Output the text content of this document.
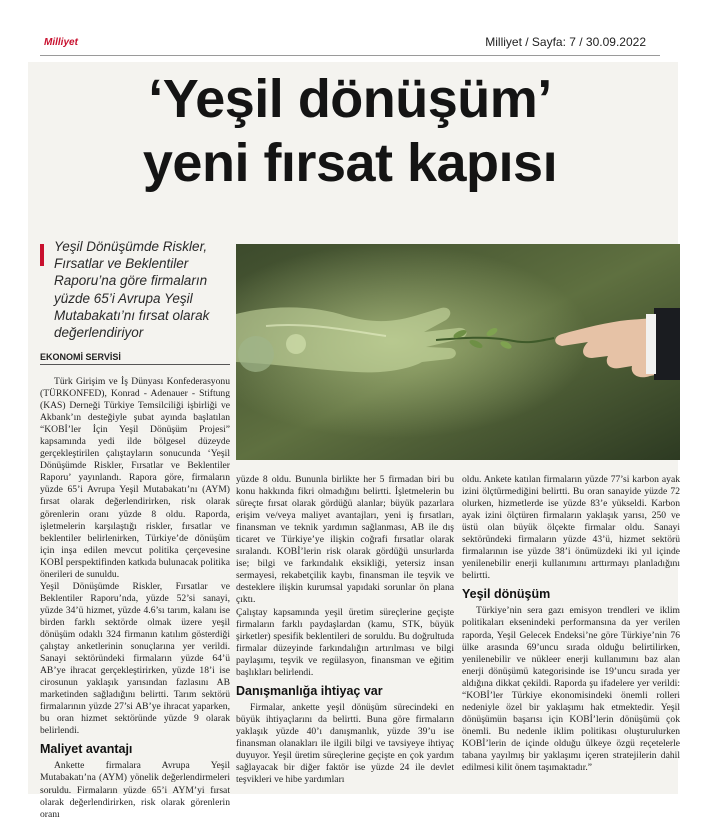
Milliyet	Milliyet / Sayfa: 7 / 30.09.2022
‘Yeşil dönüşüm’
yeni fırsat kapısı
Yeşil Dönüşümde Riskler, Fırsatlar ve Beklentiler Raporu’na göre firmaların yüzde 65’i Avrupa Yeşil Mutabakatı’nı fırsat olarak değerlendiriyor
EKONOMİ SERVİSİ

Türk Girişim ve İş Dünyası Konfederasyonu (TÜRKONFED), Konrad - Adenauer - Stiftung (KAS) Derneği Türkiye Temsilciliği işbirliği ve Akbank’ın desteğiyle şubat ayında başlatılan “KOBİ’ler İçin Yeşil Dönüşüm Projesi” kapsamında yedi ilde bölgesel düzeyde gerçekleştirilen çalıştayların sonucunda ‘Yeşil Dönüşümde Riskler, Fırsatlar ve Beklentiler Raporu’ yayınlandı. Rapora göre, firmaların yüzde 65’i Avrupa Yeşil Mutabakatı’nı (AYM) fırsat olarak değerlendirirken, risk olarak görenlerin oranı yüzde 8 oldu. Raporda, işletmelerin karşılaştığı riskler, fırsatlar ve beklentiler belirlenirken, Türkiye’de dönüşüm için inşa edilen mevcut politika çerçevesine KOBİ perspektifinden katkıda bulunacak politika önerileri de sunuldu.

Yeşil Dönüşümde Riskler, Fırsatlar ve Beklentiler Raporu’nda, yüzde 52’si sanayi, yüzde 34’ü hizmet, yüzde 4.6’sı tarım, kalanı ise birden farklı sektörde olmak üzere yeşil dönüşüm odaklı 324 firmanın katılım gösterdiği çalıştay anketlerinin sonuçlarına yer verildi. Sanayi sektöründeki firmaların yüzde 64’ü AB’ye ihracat gerçekleştirirken, yüzde 18’i ise cirosunun yaklaşık yarısından fazlasını AB marketinden sağladığını belirtti. Tarım sektörü firmalarının yüzde 27’si AB’ye ihracat yaparken, bu oran hizmet sektöründe yüzde 9 olarak belirlendi.

Maliyet avantajı

Ankette firmalara Avrupa Yeşil Mutabakatı’na (AYM) yönelik değerlendirmeleri soruldu. Firmaların yüzde 65’i AYM’yi fırsat olarak değerlendirirken, risk olarak görenlerin oranı

yüzde 8 oldu. Bununla birlikte her 5 firmadan biri bu konu hakkında fikri olmadığını belirtti. İşletmelerin bu süreçte fırsat olarak gördüğü alanlar; büyük pazarlara erişim ve/veya maliyet avantajları, yeni iş fırsatları, finansman ve teknik yardımın sağlanması, AB ile dış ticaret ve Türkiye’ye ilişkin coğrafi fırsatlar olarak sıralandı. KOBİ’lerin risk olarak gördüğü unsurlarda ise; bilgi ve farkındalık eksikliği, yetersiz insan sermayesi, rekabetçilik kaybı, finansman ile teşvik ve desteklere ilişkin kurumsal yapıdaki sorunlar ön plana çıktı.

Çalıştay kapsamında yeşil üretim süreçlerine geçişte firmaların farklı paydaşlardan (kamu, STK, büyük şirketler) spesifik beklentileri de soruldu. Bu doğrultuda firmalar düzeyinde farkındalığın artırılması ve bilgi paylaşımı, teşvik ve regülasyon, finansman ve eğitim başlıkları belirlendi.

Danışmanlığa ihtiyaç var

Firmalar, ankette yeşil dönüşüm sürecindeki en büyük ihtiyaçlarını da belirtti. Buna göre firmaların yaklaşık yüzde 40’ı danışmanlık, yüzde 39’u ise finansman olanakları ile ilgili bilgi ve tavsiyeye ihtiyaç duyuyor. Yeşil üretim süreçlerine geçişte en çok yardım sağlayacak bir diğer faktör ise yüzde 24 ile devlet teşvikleri ve hibe yardımları

oldu. Ankete katılan firmaların yüzde 77’si karbon ayak izini ölçtürmediğini belirtti. Bu oran sanayide yüzde 72 olurken, hizmetlerde ise yüzde 83’e yükseldi. Karbon ayak izini ölçtüren firmaların yaklaşık yarısı, 250 ve üstü olan büyük ölçekte firmalar oldu. Sanayi sektöründeki firmaların yüzde 43’ü, hizmet sektörü firmalarının ise yüzde 38’i önümüzdeki iki yıl içinde yenilenebilir enerji kullanımını arttırmayı planladığını belirtti.

Yeşil dönüşüm

Türkiye’nin sera gazı emisyon trendleri ve iklim politikaları eksenindeki performansına da yer verilen raporda, Yeşil Gelecek Endeksi’ne göre Türkiye’nin 76 ülke arasında 69’uncu sırada olduğu belirtilirken, yenilenebilir ve nükleer enerji kullanımını baz alan enerji dönüşümü kategorisinde ise 19’uncu sırada yer aldığına dikkat çekildi. Raporda şu ifadelere yer verildi: “KOBİ’ler Türkiye ekonomisindeki önemli rolleri nedeniyle özel bir yaklaşımı hak etmektedir. Yeşil dönüşümün başarısı için KOBİ’lerin dönüşümü çok önemli. Bu nedenle iklim politikası oluşturulurken KOBİ’lerin de içinde olduğu ülkeye özgü reçetelerle tabana yayılmış bir yaklaşımı içeren stratejilerin dahil edilmesi kilit önem taşımaktadır.”
